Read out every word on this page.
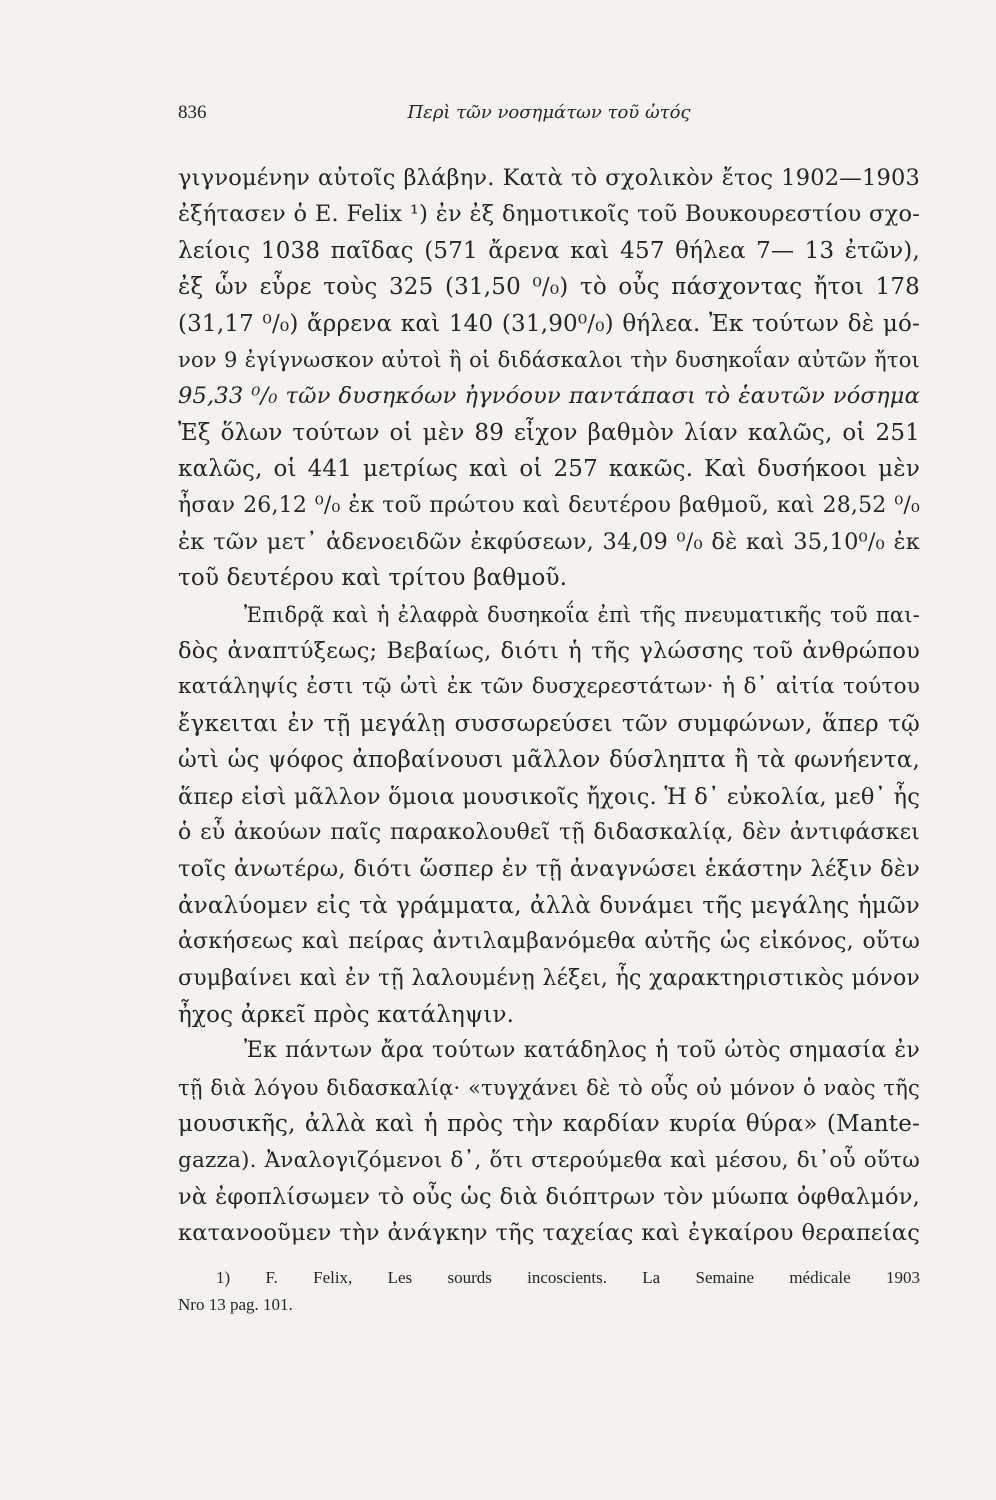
836	Περὶ τῶν νοσημάτων τοῦ ὠτός
γιγνομένην αὐτοῖς βλάβην. Κατὰ τὸ σχολικὸν ἔτος 1902—1903
ἐξήτασεν ὁ E. Felix ¹) ἐν ἐξ δημοτικοῖς τοῦ Βουκουρεστίου σχο-
λείοις 1038 παῖδας (571 ἄρενα καὶ 457 θήλεα 7— 13 ἐτῶν),
ἐξ ὧν εὗρε τοὺς 325 (31,50 ⁰/₀) τὸ οὖς πάσχοντας ἤτοι 178
(31,17 ⁰/₀) ἄρρενα καὶ 140 (31,90⁰/₀) θήλεα. Ἐκ τούτων δὲ μό-
νον 9 ἐγίγνωσκον αὐτοὶ ἢ οἱ διδάσκαλοι τὴν δυσηκοΐαν αὐτῶν ἤτοι
95,33 ⁰/₀ τῶν δυσηκόων ἠγνόουν παντάπασι τὸ ἑαυτῶν νόσημα
Ἐξ ὅλων τούτων οἱ μὲν 89 εἶχον βαθμὸν λίαν καλῶς, οἱ 251
καλῶς, οἱ 441 μετρίως καὶ οἱ 257 κακῶς. Καὶ δυσήκοοι μὲν
ἦσαν 26,12 ⁰/₀ ἐκ τοῦ πρώτου καὶ δευτέρου βαθμοῦ, καὶ 28,52 ⁰/₀
ἐκ τῶν μετ᾽ ἀδενοειδῶν ἐκφύσεων, 34,09 ⁰/₀ δὲ καὶ 35,10⁰/₀ ἐκ
τοῦ δευτέρου καὶ τρίτου βαθμοῦ.
Ἐπιδρᾷ καὶ ἡ ἐλαφρὰ δυσηκοΐα ἐπὶ τῆς πνευματικῆς τοῦ παι-
δὸς ἀναπτύξεως; Βεβαίως, διότι ἡ τῆς γλώσσης τοῦ ἀνθρώπου
κατάληψίς ἐστι τῷ ὠτὶ ἐκ τῶν δυσχερεστάτων· ἡ δ᾽ αἰτία τούτου
ἔγκειται ἐν τῇ μεγάλῃ συσσωρεύσει τῶν συμφώνων, ἅπερ τῷ
ὠτὶ ὡς ψόφος ἀποβαίνουσι μᾶλλον δύσληπτα ἢ τὰ φωνήεντα,
ἅπερ εἰσὶ μᾶλλον ὅμοια μουσικοῖς ἤχοις. Ἡ δ᾽ εὐκολία, μεθ᾽ ἧς
ὁ εὖ ἀκούων παῖς παρακολουθεῖ τῇ διδασκαλίᾳ, δὲν ἀντιφάσκει
τοῖς ἀνωτέρω, διότι ὥσπερ ἐν τῇ ἀναγνώσει ἑκάστην λέξιν δὲν
ἀναλύομεν εἰς τὰ γράμματα, ἀλλὰ δυνάμει τῆς μεγάλης ἡμῶν
ἀσκήσεως καὶ πείρας ἀντιλαμβανόμεθα αὐτῆς ὡς εἰκόνος, οὕτω
συμβαίνει καὶ ἐν τῇ λαλουμένῃ λέξει, ἧς χαρακτηριστικὸς μόνον
ἦχος ἀρκεῖ πρὸς κατάληψιν.
Ἐκ πάντων ἄρα τούτων κατάδηλος ἡ τοῦ ὠτὸς σημασία ἐν
τῇ διὰ λόγου διδασκαλίᾳ· «τυγχάνει δὲ τὸ οὖς οὐ μόνον ὁ ναὸς τῆς
μουσικῆς, ἀλλὰ καὶ ἡ πρὸς τὴν καρδίαν κυρία θύρα» (Mante-
gazza). Ἀναλογιζόμενοι δ᾽, ὅτι στερούμεθα καὶ μέσου, δι᾽οὗ οὕτω
νὰ ἐφοπλίσωμεν τὸ οὖς ὡς διὰ διόπτρων τὸν μύωπα ὀφθαλμόν,
κατανοοῦμεν τὴν ἀνάγκην τῆς ταχείας καὶ ἐγκαίρου θεραπείας
1) F. Felix, Les sourds incoscients. La Semaine médicale 1903
Nro 13 pag. 101.
